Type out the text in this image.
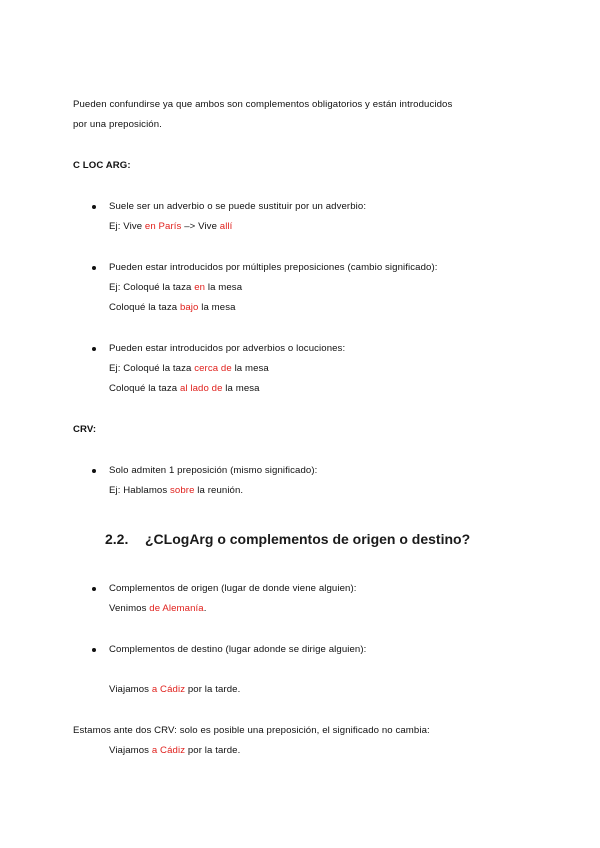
Pueden confundirse ya que ambos son complementos obligatorios y están introducidos
por una preposición.
C LOC ARG:
Suele ser un adverbio o se puede sustituir por un adverbio:
Ej: Vive en París –> Vive allí
Pueden estar introducidos por múltiples preposiciones (cambio significado):
Ej: Coloqué la taza en la mesa
Coloqué la taza bajo la mesa
Pueden estar introducidos por adverbios o locuciones:
Ej: Coloqué la taza cerca de la mesa
Coloqué la taza al lado de la mesa
CRV:
Solo admiten 1 preposición (mismo significado):
Ej: Hablamos sobre la reunión.
2.2. ¿CLogArg o complementos de origen o destino?
Complementos de origen (lugar de donde viene alguien):
Venimos de Alemanía.
Complementos de destino (lugar adonde se dirige alguien):
Viajamos a Cádiz por la tarde.
Estamos ante dos CRV: solo es posible una preposición, el significado no cambia:
Viajamos a Cádiz por la tarde.
